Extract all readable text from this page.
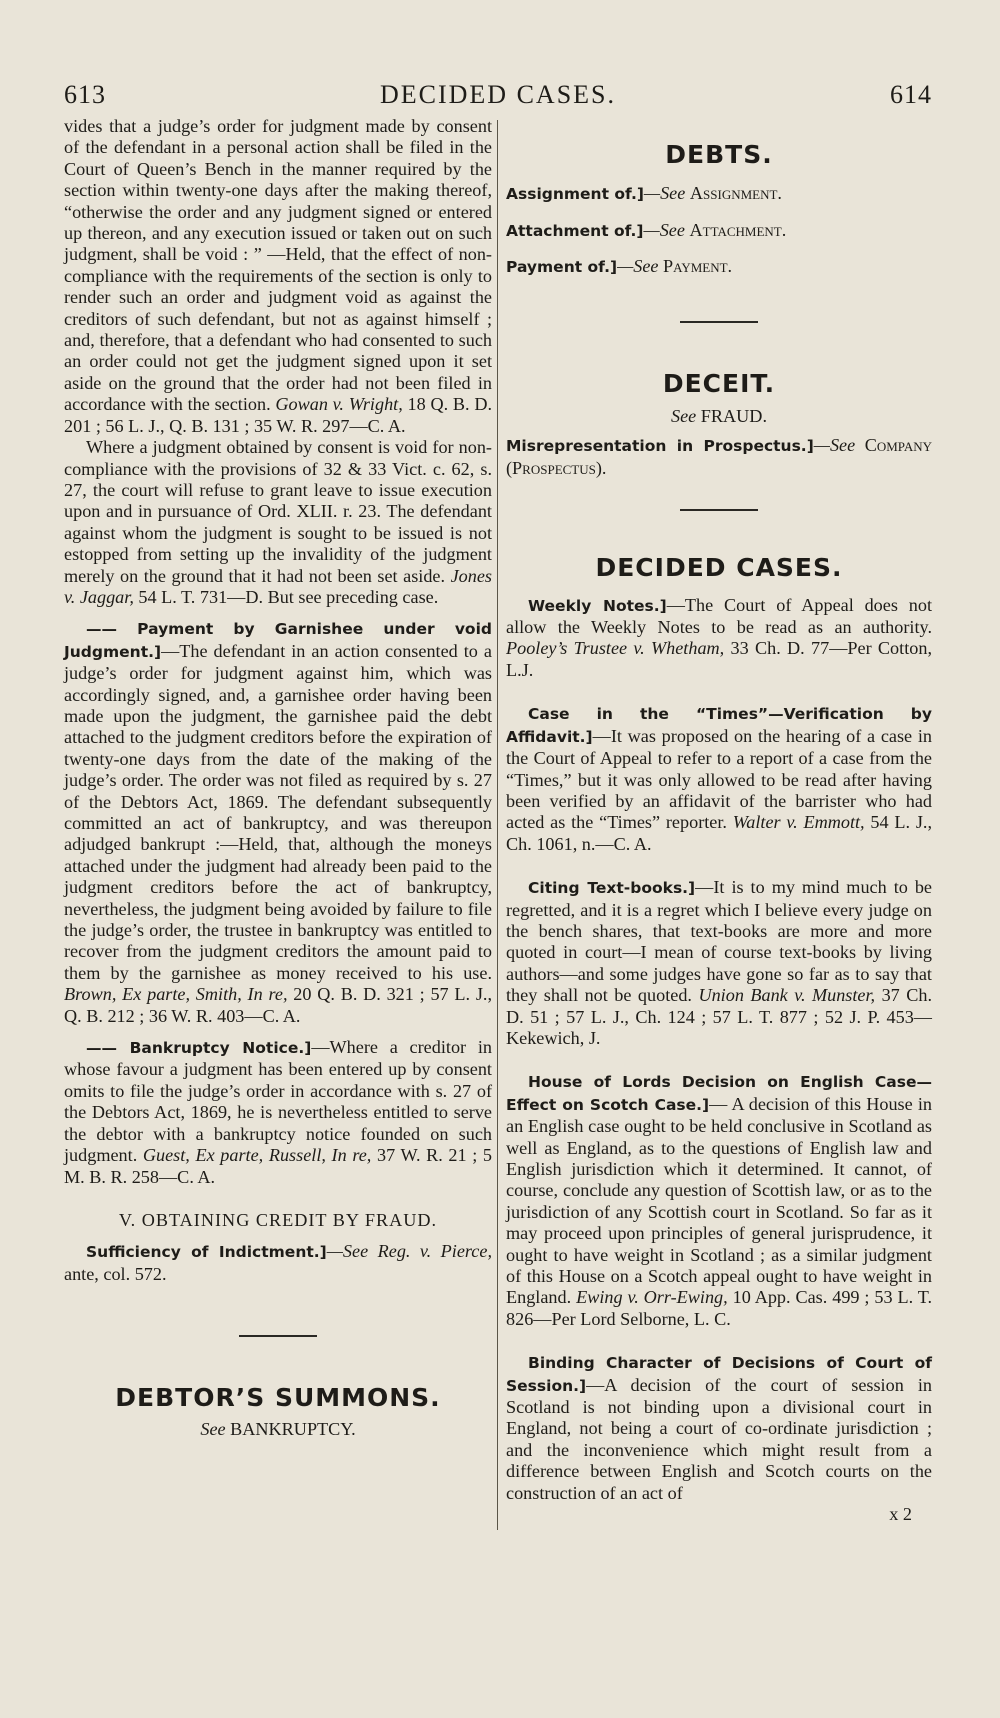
613	DECIDED CASES.	614

vides that a judge’s order for judgment made by consent of the defendant in a personal action shall be filed in the Court of Queen’s Bench in the manner required by the section within twenty-one days after the making thereof, “otherwise the order and any judgment signed or entered up thereon, and any execution issued or taken out on such judgment, shall be void : ” —Held, that the effect of non-compliance with the requirements of the section is only to render such an order and judgment void as against the creditors of such defendant, but not as against himself ; and, therefore, that a defendant who had consented to such an order could not get the judgment signed upon it set aside on the ground that the order had not been filed in accordance with the section. Gowan v. Wright, 18 Q. B. D. 201 ; 56 L. J., Q. B. 131 ; 35 W. R. 297—C. A.

Where a judgment obtained by consent is void for non-compliance with the provisions of 32 & 33 Vict. c. 62, s. 27, the court will refuse to grant leave to issue execution upon and in pursuance of Ord. XLII. r. 23. The defendant against whom the judgment is sought to be issued is not estopped from setting up the invalidity of the judgment merely on the ground that it had not been set aside. Jones v. Jaggar, 54 L. T. 731—D. But see preceding case.

—— Payment by Garnishee under void Judgment.]—The defendant in an action consented to a judge’s order for judgment against him, which was accordingly signed, and, a garnishee order having been made upon the judgment, the garnishee paid the debt attached to the judgment creditors before the expiration of twenty-one days from the date of the making of the judge’s order. The order was not filed as required by s. 27 of the Debtors Act, 1869. The defendant subsequently committed an act of bankruptcy, and was thereupon adjudged bankrupt :—Held, that, although the moneys attached under the judgment had already been paid to the judgment creditors before the act of bankruptcy, nevertheless, the judgment being avoided by failure to file the judge’s order, the trustee in bankruptcy was entitled to recover from the judgment creditors the amount paid to them by the garnishee as money received to his use. Brown, Ex parte, Smith, In re, 20 Q. B. D. 321 ; 57 L. J., Q. B. 212 ; 36 W. R. 403—C. A.

—— Bankruptcy Notice.]—Where a creditor in whose favour a judgment has been entered up by consent omits to file the judge’s order in accordance with s. 27 of the Debtors Act, 1869, he is nevertheless entitled to serve the debtor with a bankruptcy notice founded on such judgment. Guest, Ex parte, Russell, In re, 37 W. R. 21 ; 5 M. B. R. 258—C. A.

V. OBTAINING CREDIT BY FRAUD.

Sufficiency of Indictment.]—See Reg. v. Pierce, ante, col. 572.

DEBTOR’S SUMMONS.

See BANKRUPTCY.

DEBTS.

Assignment of.]—See Assignment.

Attachment of.]—See Attachment.

Payment of.]—See Payment.

DECEIT.

See FRAUD.

Misrepresentation in Prospectus.]—See Company (Prospectus).

DECIDED CASES.

Weekly Notes.]—The Court of Appeal does not allow the Weekly Notes to be read as an authority. Pooley’s Trustee v. Whetham, 33 Ch. D. 77—Per Cotton, L.J.

Case in the “Times”—Verification by Affidavit.]—It was proposed on the hearing of a case in the Court of Appeal to refer to a report of a case from the “Times,” but it was only allowed to be read after having been verified by an affidavit of the barrister who had acted as the “Times” reporter. Walter v. Emmott, 54 L. J., Ch. 1061, n.—C. A.

Citing Text-books.]—It is to my mind much to be regretted, and it is a regret which I believe every judge on the bench shares, that text-books are more and more quoted in court—I mean of course text-books by living authors—and some judges have gone so far as to say that they shall not be quoted. Union Bank v. Munster, 37 Ch. D. 51 ; 57 L. J., Ch. 124 ; 57 L. T. 877 ; 52 J. P. 453—Kekewich, J.

House of Lords Decision on English Case—Effect on Scotch Case.]— A decision of this House in an English case ought to be held conclusive in Scotland as well as England, as to the questions of English law and English jurisdiction which it determined. It cannot, of course, conclude any question of Scottish law, or as to the jurisdiction of any Scottish court in Scotland. So far as it may proceed upon principles of general jurisprudence, it ought to have weight in Scotland ; as a similar judgment of this House on a Scotch appeal ought to have weight in England. Ewing v. Orr-Ewing, 10 App. Cas. 499 ; 53 L. T. 826—Per Lord Selborne, L. C.

Binding Character of Decisions of Court of Session.]—A decision of the court of session in Scotland is not binding upon a divisional court in England, not being a court of co-ordinate jurisdiction ; and the inconvenience which might result from a difference between English and Scotch courts on the construction of an act of

x 2
